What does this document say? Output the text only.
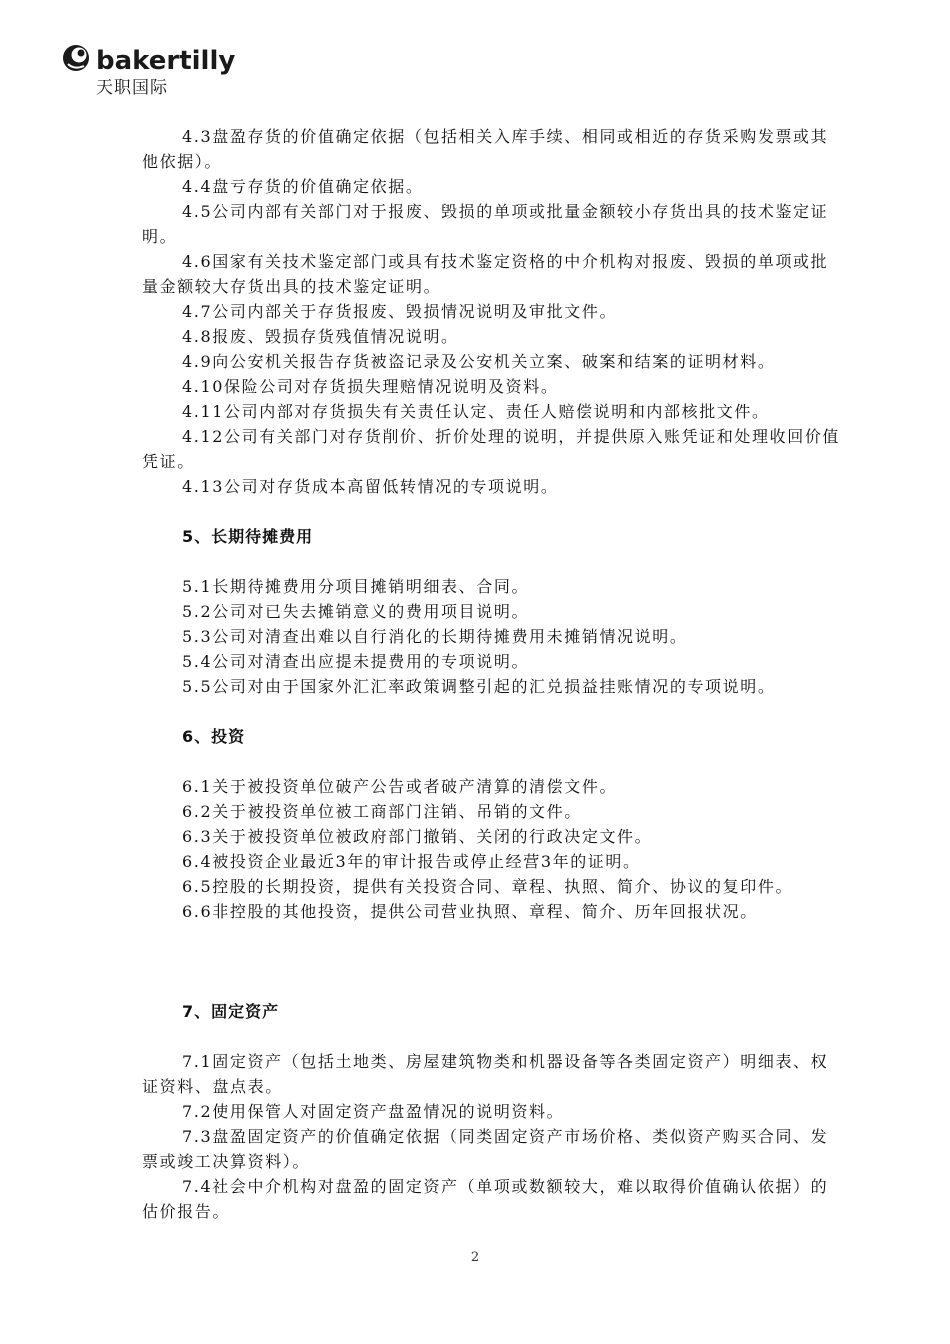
bakertilly
天职国际

4.3盘盈存货的价值确定依据（包括相关入库手续、相同或相近的存货采购发票或其他依据）。

4.4盘亏存货的价值确定依据。

4.5公司内部有关部门对于报废、毁损的单项或批量金额较小存货出具的技术鉴定证明。

4.6国家有关技术鉴定部门或具有技术鉴定资格的中介机构对报废、毁损的单项或批量金额较大存货出具的技术鉴定证明。

4.7公司内部关于存货报废、毁损情况说明及审批文件。

4.8报废、毁损存货残值情况说明。

4.9向公安机关报告存货被盗记录及公安机关立案、破案和结案的证明材料。

4.10保险公司对存货损失理赔情况说明及资料。

4.11公司内部对存货损失有关责任认定、责任人赔偿说明和内部核批文件。

4.12公司有关部门对存货削价、折价处理的说明，并提供原入账凭证和处理收回价值凭证。

4.13公司对存货成本高留低转情况的专项说明。

5、长期待摊费用

5.1长期待摊费用分项目摊销明细表、合同。

5.2公司对已失去摊销意义的费用项目说明。

5.3公司对清查出难以自行消化的长期待摊费用未摊销情况说明。

5.4公司对清查出应提未提费用的专项说明。

5.5公司对由于国家外汇汇率政策调整引起的汇兑损益挂账情况的专项说明。

6、投资

6.1关于被投资单位破产公告或者破产清算的清偿文件。

6.2关于被投资单位被工商部门注销、吊销的文件。

6.3关于被投资单位被政府部门撤销、关闭的行政决定文件。

6.4被投资企业最近3年的审计报告或停止经营3年的证明。

6.5控股的长期投资，提供有关投资合同、章程、执照、简介、协议的复印件。

6.6非控股的其他投资，提供公司营业执照、章程、简介、历年回报状况。

7、固定资产

7.1固定资产（包括土地类、房屋建筑物类和机器设备等各类固定资产）明细表、权证资料、盘点表。

7.2使用保管人对固定资产盘盈情况的说明资料。

7.3盘盈固定资产的价值确定依据（同类固定资产市场价格、类似资产购买合同、发票或竣工决算资料）。

7.4社会中介机构对盘盈的固定资产（单项或数额较大，难以取得价值确认依据）的估价报告。

2
